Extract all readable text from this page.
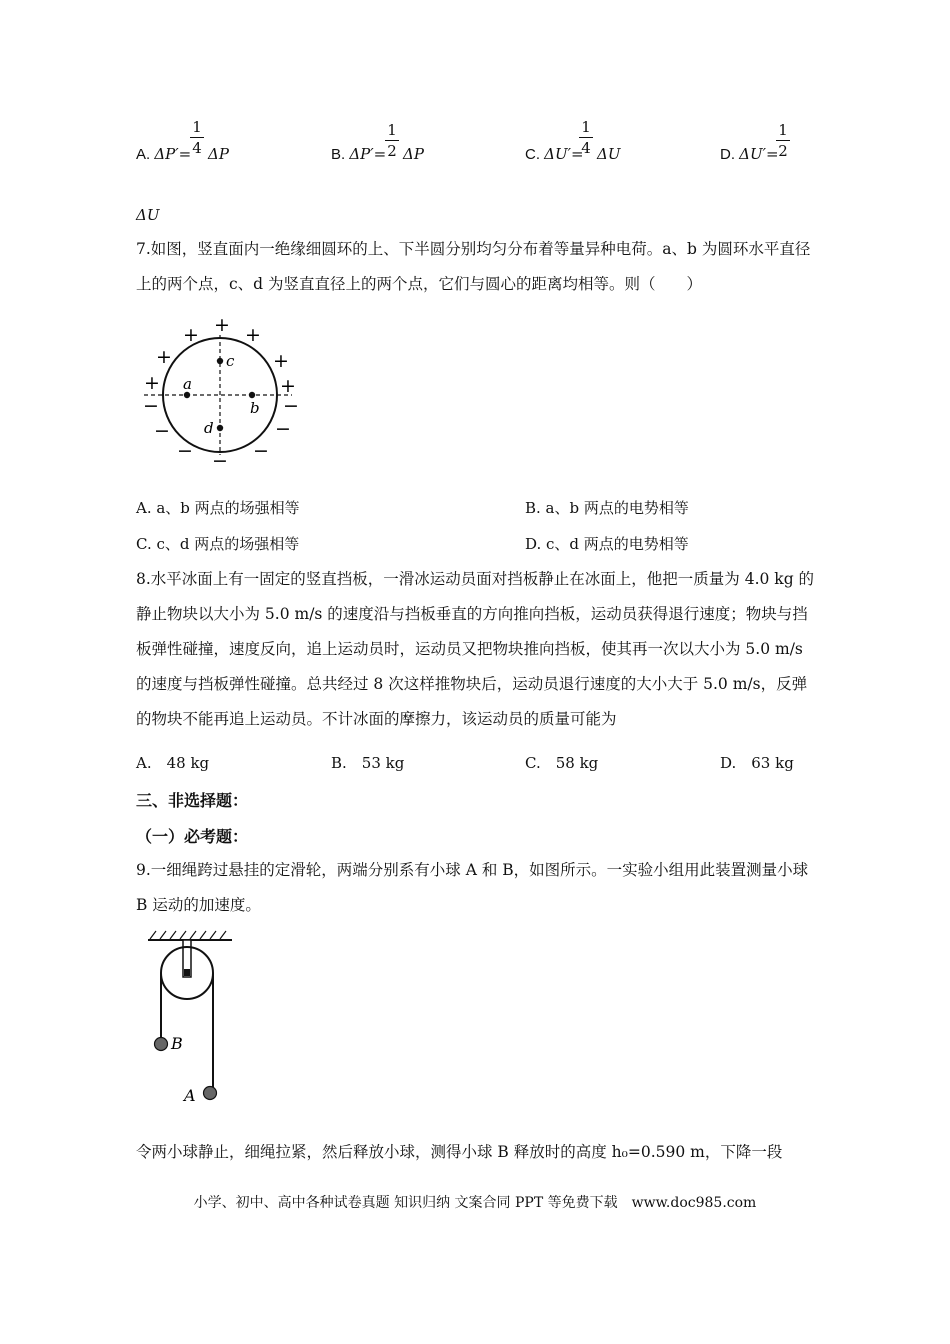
A. ΔP′=
1
4 ΔP	B. ΔP′=
1
2 ΔP	C. ΔU′=
1
4 ΔU	D. ΔU′=
1
2
ΔU
7.如图，竖直面内一绝缘细圆环的上、下半圆分别均匀分布着等量异种电荷。a、b 为圆环水平直径上的两个点，c、d 为竖直直径上的两个点，它们与圆心的距离均相等。则（　　）
a
b
c
d
+
+ +
+	+
+	+
−	−
−	−
−	−
−
A. a、b 两点的场强相等	B. a、b 两点的电势相等
C. c、d 两点的场强相等	D. c、d 两点的电势相等
8.水平冰面上有一固定的竖直挡板，一滑冰运动员面对挡板静止在冰面上，他把一质量为 4.0 kg 的静止物块以大小为 5.0 m/s 的速度沿与挡板垂直的方向推向挡板，运动员获得退行速度；物块与挡板弹性碰撞，速度反向，追上运动员时，运动员又把物块推向挡板，使其再一次以大小为 5.0 m/s 的速度与挡板弹性碰撞。总共经过 8 次这样推物块后，运动员退行速度的大小大于 5.0 m/s，反弹的物块不能再追上运动员。不计冰面的摩擦力，该运动员的质量可能为
A.　48 kg	B.　53 kg	C.　58 kg	D.　63 kg
三、非选择题：
（一）必考题：
9.一细绳跨过悬挂的定滑轮，两端分别系有小球 A 和 B，如图所示。一实验小组用此装置测量小球 B 运动的加速度。
B
A
令两小球静止，细绳拉紧，然后释放小球，测得小球 B 释放时的高度 h₀=0.590 m，下降一段
小学、初中、高中各种试卷真题 知识归纳 文案合同 PPT 等免费下载　www.doc985.com
